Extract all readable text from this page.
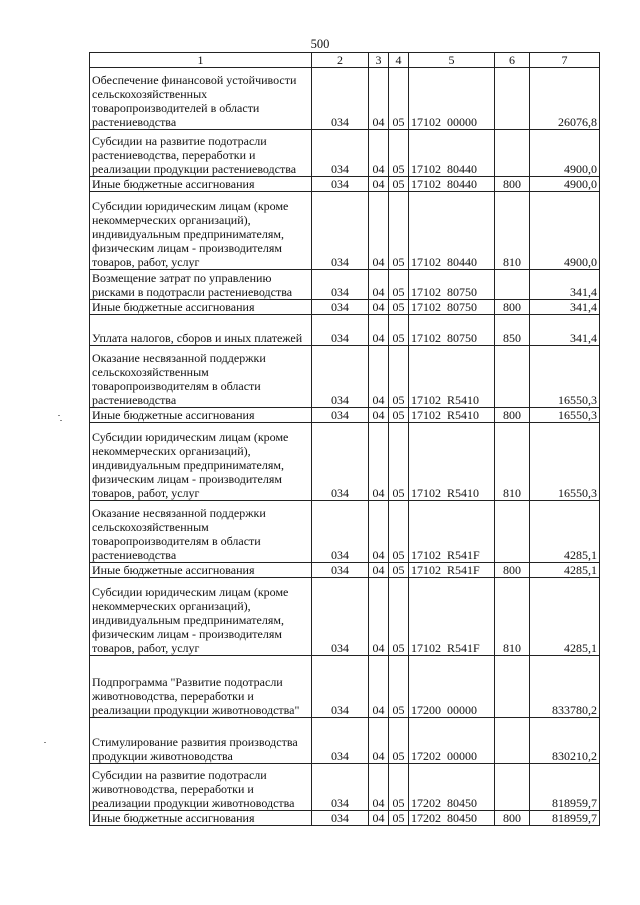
500
1	2	3	4	5	6	7
Обеспечение финансовой устойчивости сельскохозяйственных товаропроизводителей в области растениеводства	034	04	05	17102  00000		26076,8
Субсидии на развитие подотрасли растениеводства, переработки и реализации продукции растениеводства	034	04	05	17102  80440		4900,0
Иные бюджетные ассигнования	034	04	05	17102  80440	800	4900,0
Субсидии юридическим лицам (кроме некоммерческих организаций), индивидуальным предпринимателям, физическим лицам - производителям товаров, работ, услуг	034	04	05	17102  80440	810	4900,0
Возмещение затрат по управлению рисками в подотрасли растениеводства	034	04	05	17102  80750		341,4
Иные бюджетные ассигнования	034	04	05	17102  80750	800	341,4
Уплата налогов, сборов и иных платежей	034	04	05	17102  80750	850	341,4
Оказание несвязанной поддержки сельскохозяйственным товаропроизводителям в области растениеводства	034	04	05	17102  R5410		16550,3
Иные бюджетные ассигнования	034	04	05	17102  R5410	800	16550,3
Субсидии юридическим лицам (кроме некоммерческих организаций), индивидуальным предпринимателям, физическим лицам - производителям товаров, работ, услуг	034	04	05	17102  R5410	810	16550,3
Оказание несвязанной поддержки сельскохозяйственным товаропроизводителям в области растениеводства	034	04	05	17102  R541F		4285,1
Иные бюджетные ассигнования	034	04	05	17102  R541F	800	4285,1
Субсидии юридическим лицам (кроме некоммерческих организаций), индивидуальным предпринимателям, физическим лицам - производителям товаров, работ, услуг	034	04	05	17102  R541F	810	4285,1
Подпрограмма "Развитие подотрасли животноводства, переработки и реализации продукции животноводства"	034	04	05	17200  00000		833780,2
Стимулирование развития производства продукции животноводства	034	04	05	17202  00000		830210,2
Субсидии на развитие подотрасли животноводства, переработки и реализации продукции животноводства	034	04	05	17202  80450		818959,7
Иные бюджетные ассигнования	034	04	05	17202  80450	800	818959,7
